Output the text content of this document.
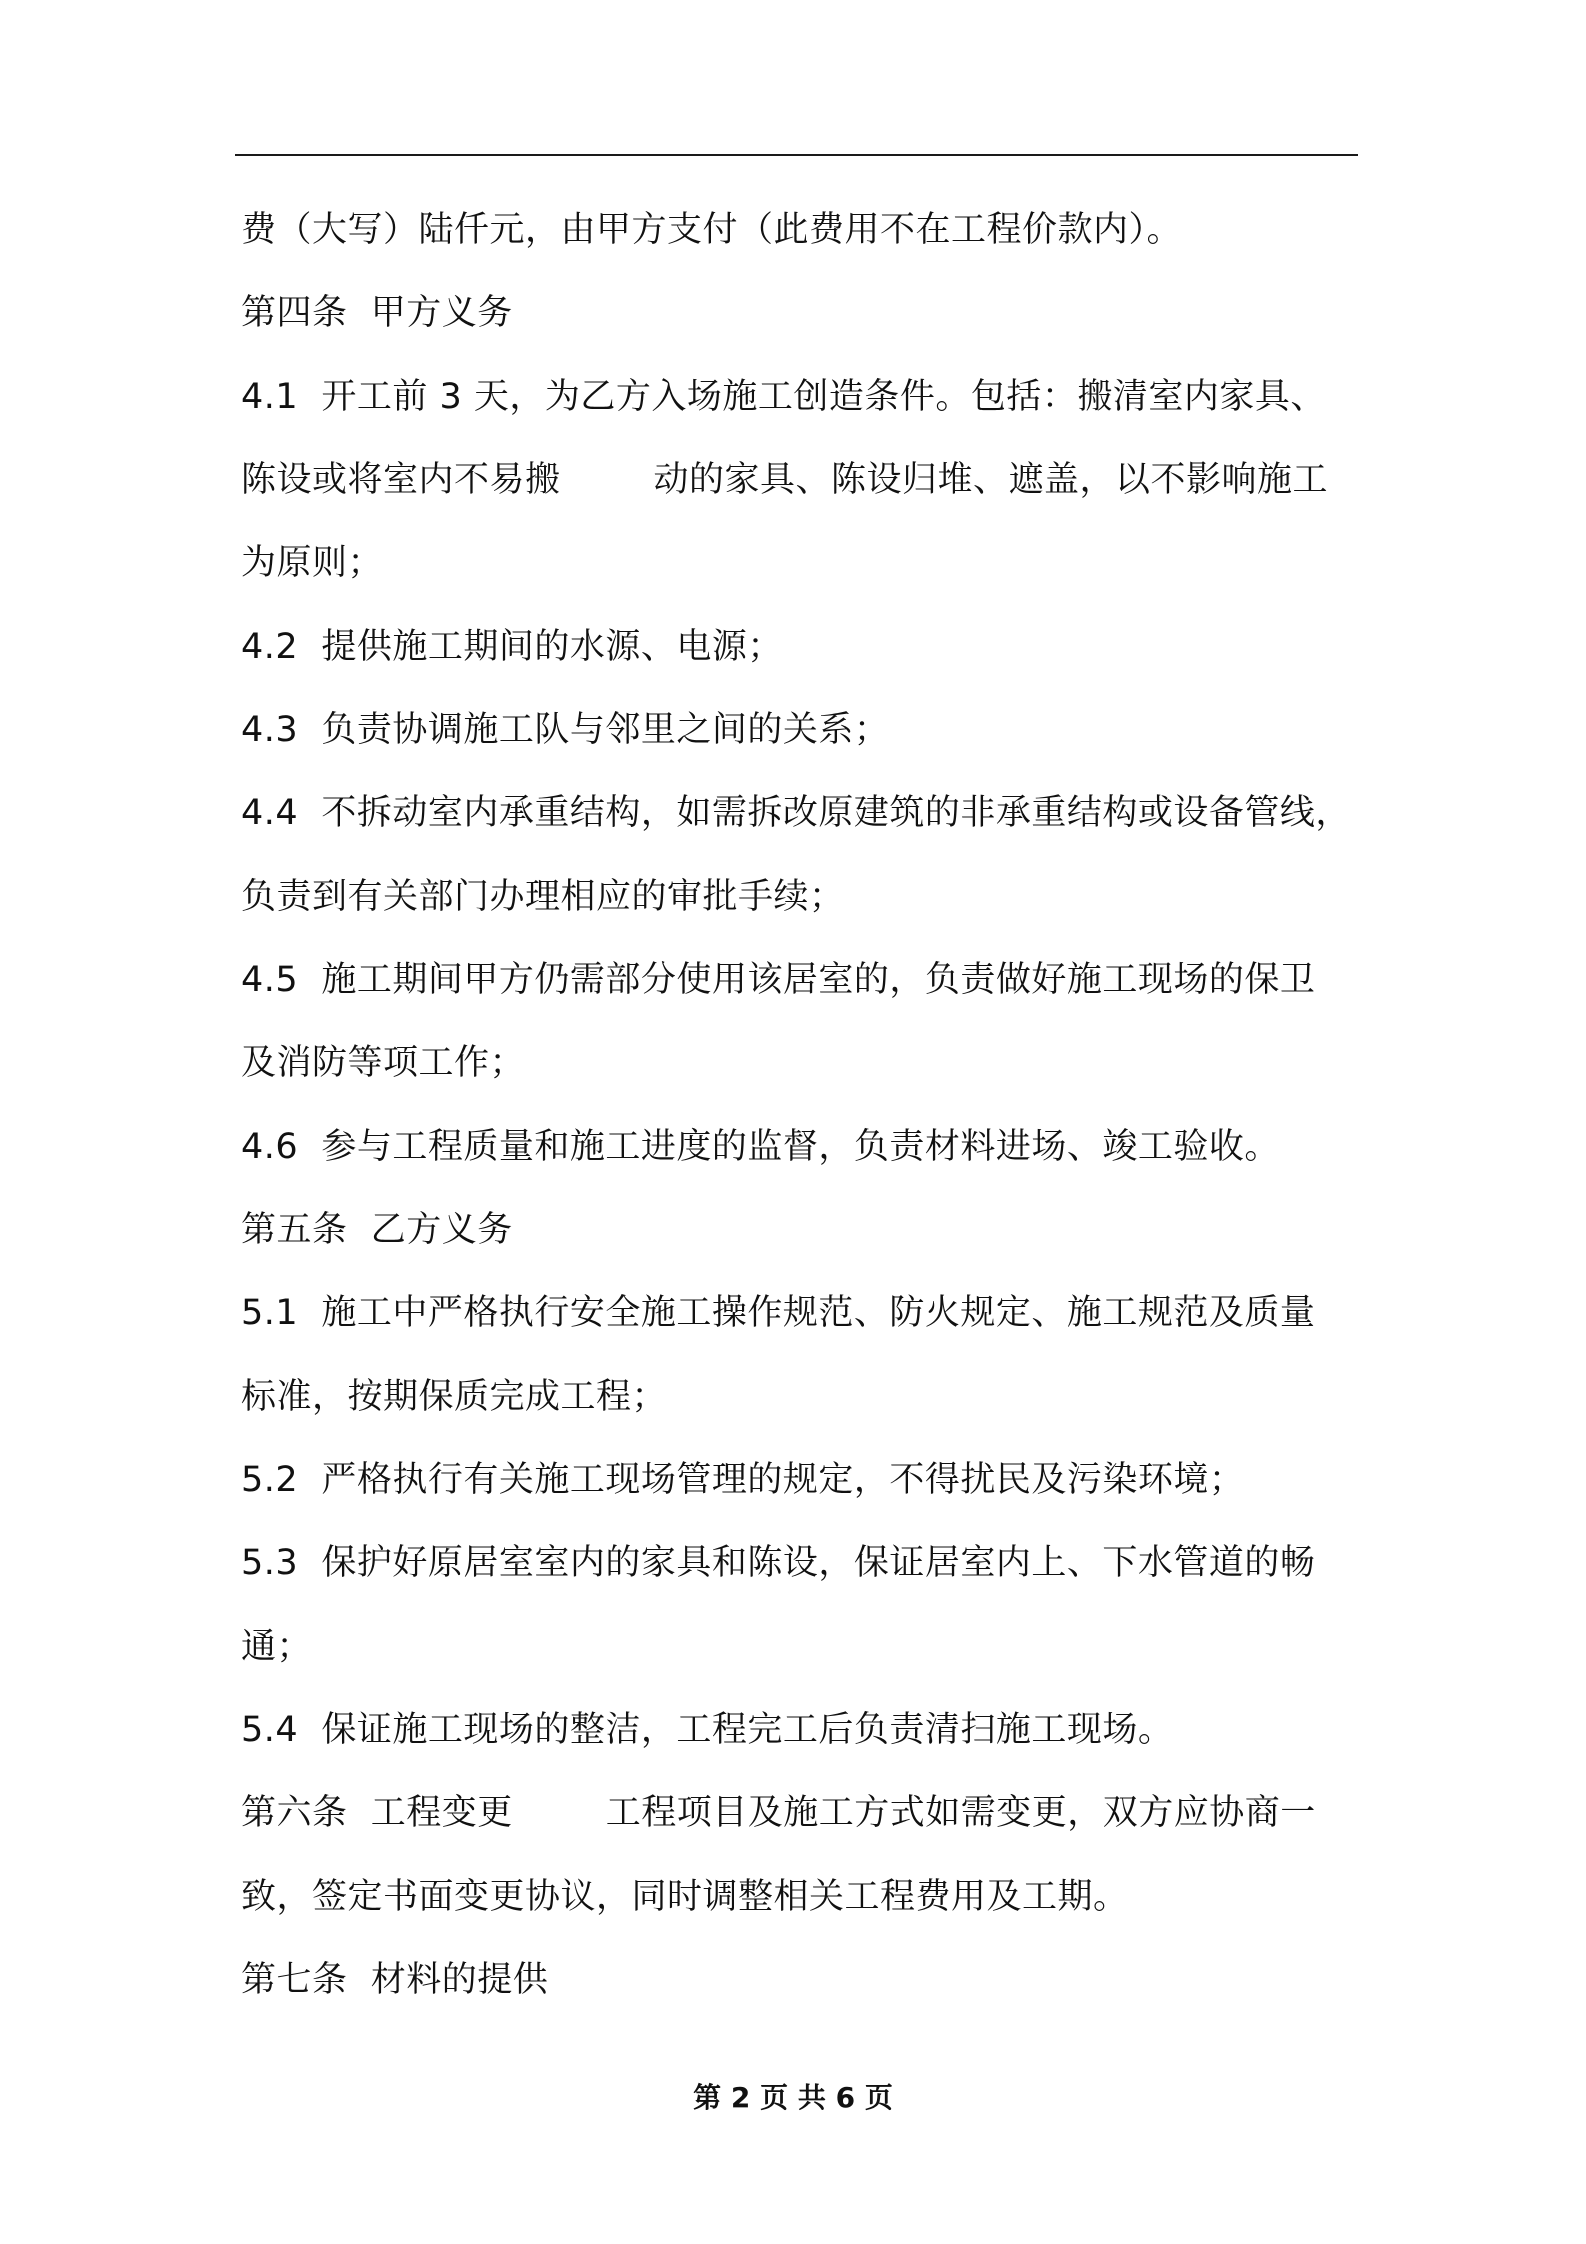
费（大写）陆仟元，由甲方支付（此费用不在工程价款内）。
第四条  甲方义务
4.1  开工前 3 天，为乙方入场施工创造条件。包括：搬清室内家具、
陈设或将室内不易搬        动的家具、陈设归堆、遮盖，以不影响施工
为原则；
4.2  提供施工期间的水源、电源；
4.3  负责协调施工队与邻里之间的关系；
4.4  不拆动室内承重结构，如需拆改原建筑的非承重结构或设备管线，
负责到有关部门办理相应的审批手续；
4.5  施工期间甲方仍需部分使用该居室的，负责做好施工现场的保卫
及消防等项工作；
4.6  参与工程质量和施工进度的监督，负责材料进场、竣工验收。
第五条  乙方义务
5.1  施工中严格执行安全施工操作规范、防火规定、施工规范及质量
标准，按期保质完成工程；
5.2  严格执行有关施工现场管理的规定，不得扰民及污染环境；
5.3  保护好原居室室内的家具和陈设，保证居室内上、下水管道的畅
通；
5.4  保证施工现场的整洁，工程完工后负责清扫施工现场。
第六条  工程变更        工程项目及施工方式如需变更，双方应协商一
致，签定书面变更协议，同时调整相关工程费用及工期。
第七条  材料的提供
第 2 页 共 6 页
